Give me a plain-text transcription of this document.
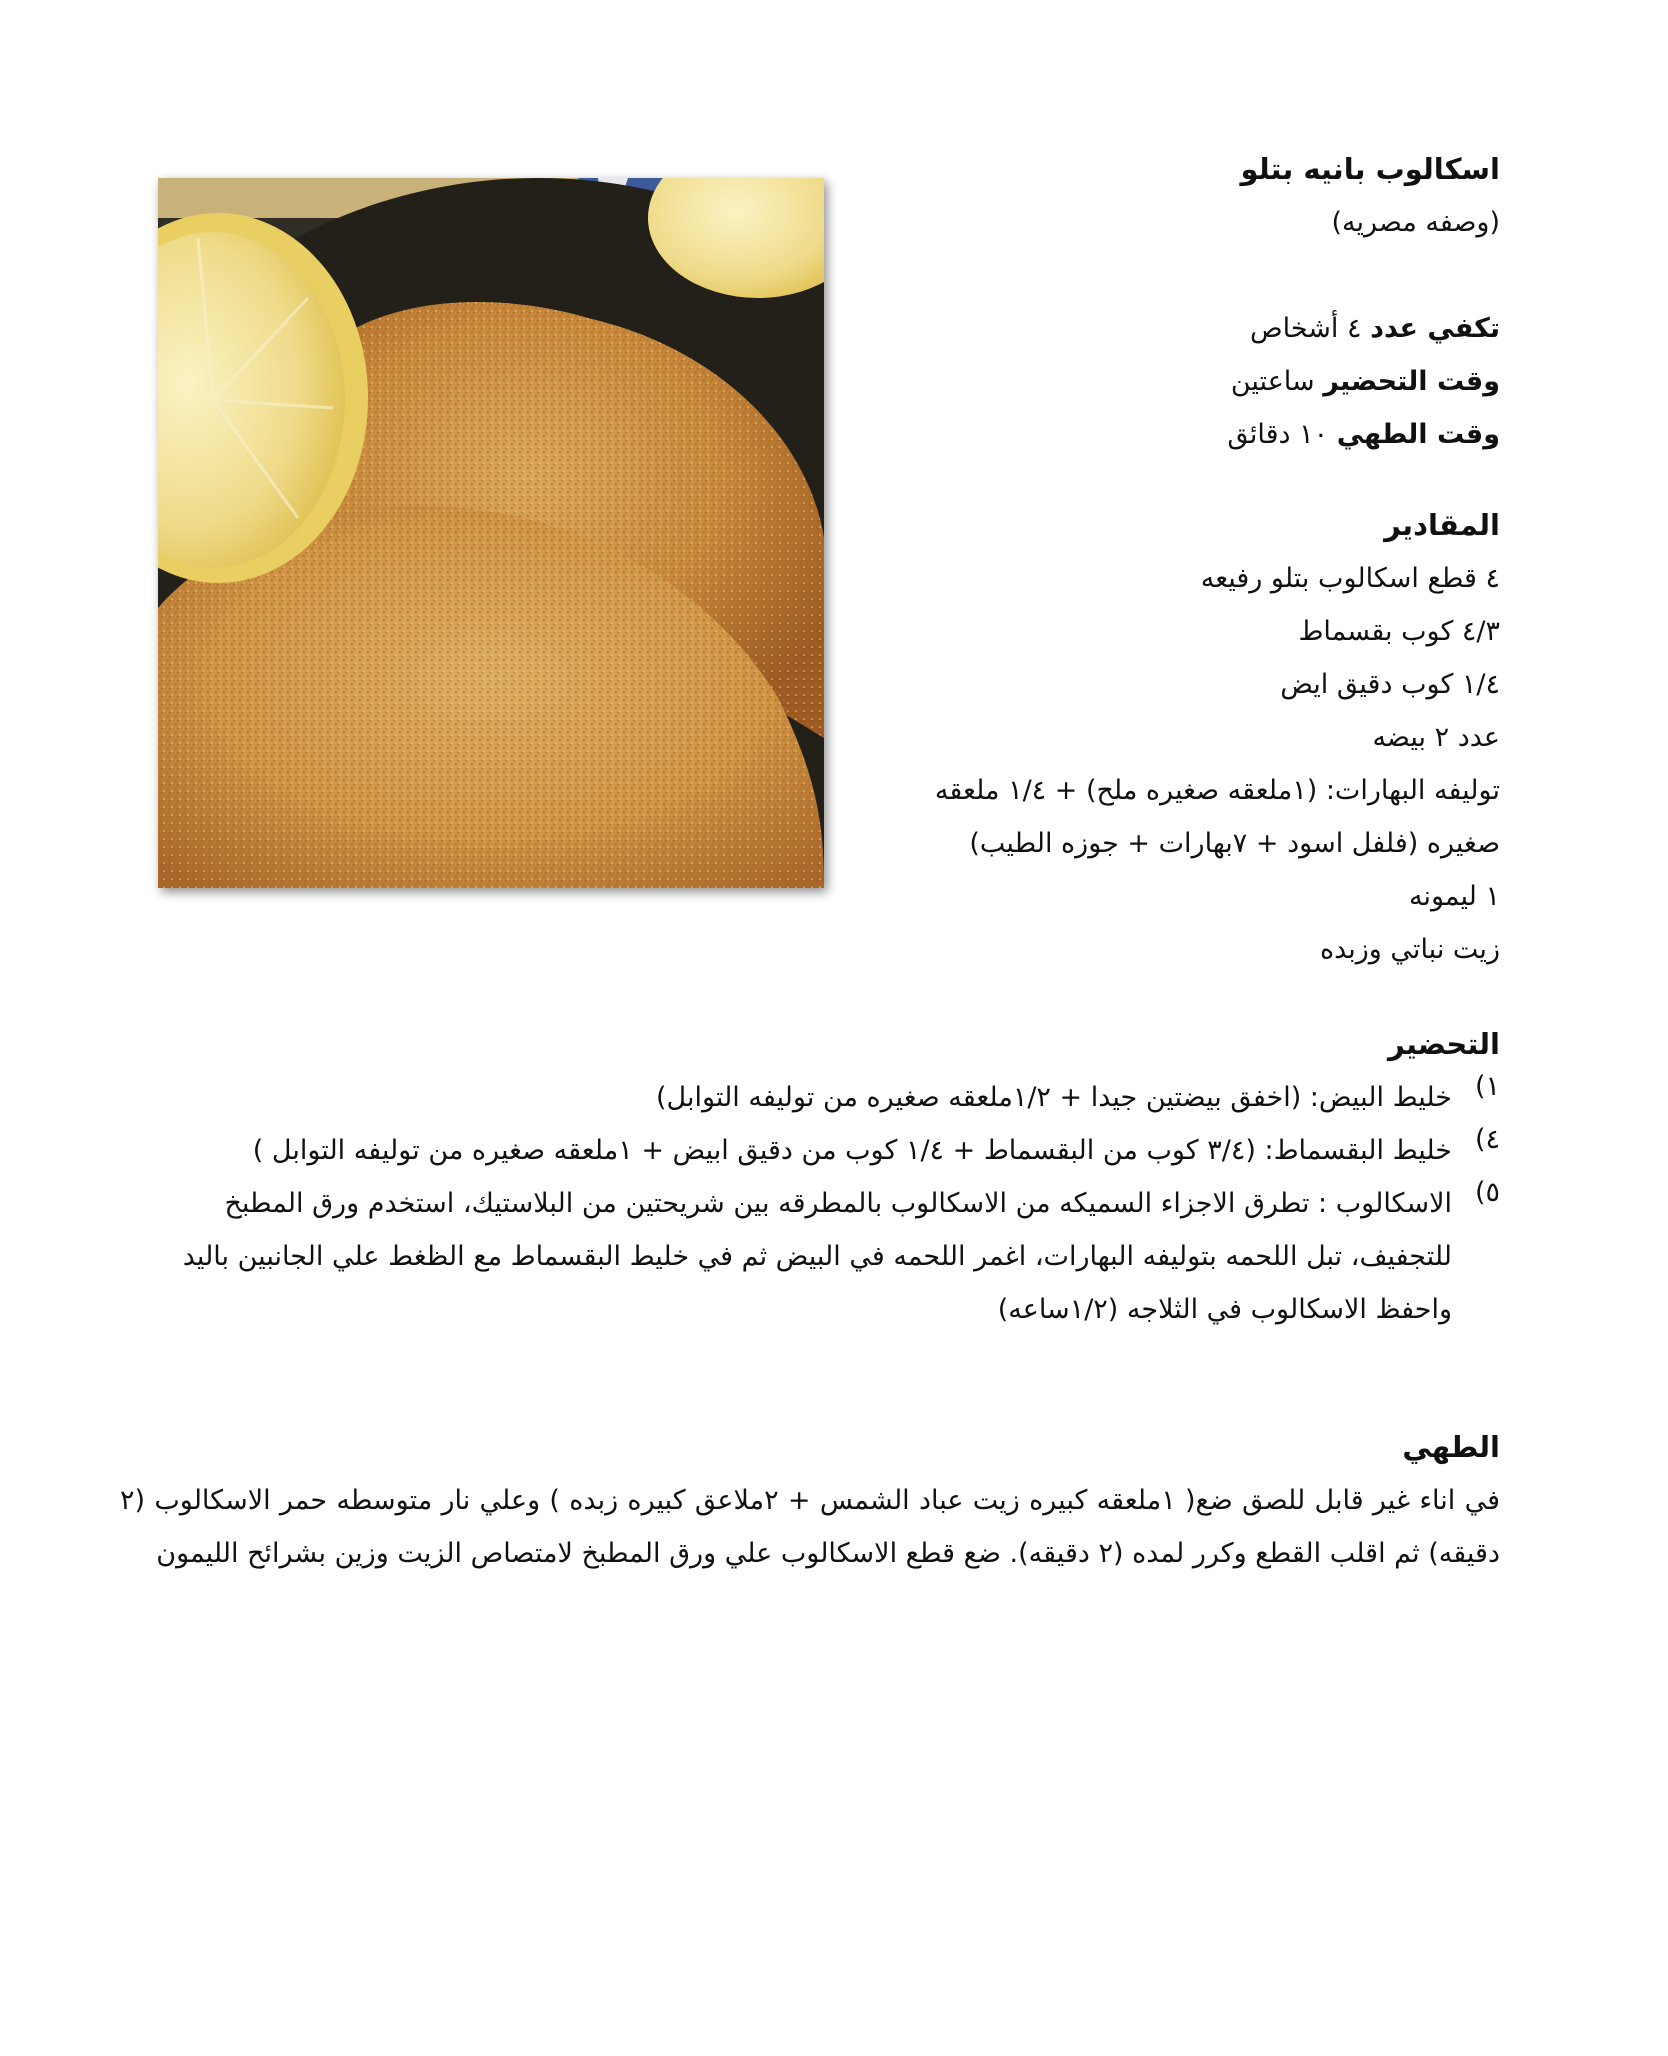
اسكالوب بانيه بتلو
(وصفه مصريه)
تكفي عدد ٤ أشخاص
وقت التحضير ساعتين
وقت الطهي ١٠ دقائق
المقادير
٤ قطع اسكالوب بتلو رفيعه
٤/٣ كوب بقسماط
١/٤ كوب دقيق ايض
عدد ٢ بيضه
توليفه البهارات: (١ملعقه صغيره ملح) + ١/٤ ملعقه
صغيره (فلفل اسود + ٧بهارات + جوزه الطيب)
١ ليمونه
زيت نباتي وزبده
التحضير
١)
خليط البيض: (اخفق بيضتين جيدا + ١/٢ملعقه صغيره من توليفه التوابل)
٤)
خليط البقسماط: (٣/٤ كوب من البقسماط + ١/٤ كوب من دقيق ابيض + ١ملعقه صغيره من توليفه التوابل )
٥)
الاسكالوب : تطرق الاجزاء السميكه من الاسكالوب بالمطرقه بين شريحتين من البلاستيك، استخدم ورق المطبخ للتجفيف، تبل اللحمه بتوليفه البهارات، اغمر اللحمه في البيض ثم في خليط البقسماط مع الظغط علي الجانبين باليد واحفظ الاسكالوب في الثلاجه (١/٢ساعه)
الطهي
في اناء غير قابل للصق ضع( ١ملعقه كبيره زيت عباد الشمس + ٢ملاعق كبيره زبده ) وعلي نار متوسطه حمر الاسكالوب (٢ دقيقه) ثم اقلب القطع وكرر لمده (٢ دقيقه). ضع قطع الاسكالوب علي ورق المطبخ لامتصاص الزيت وزين بشرائح الليمون
